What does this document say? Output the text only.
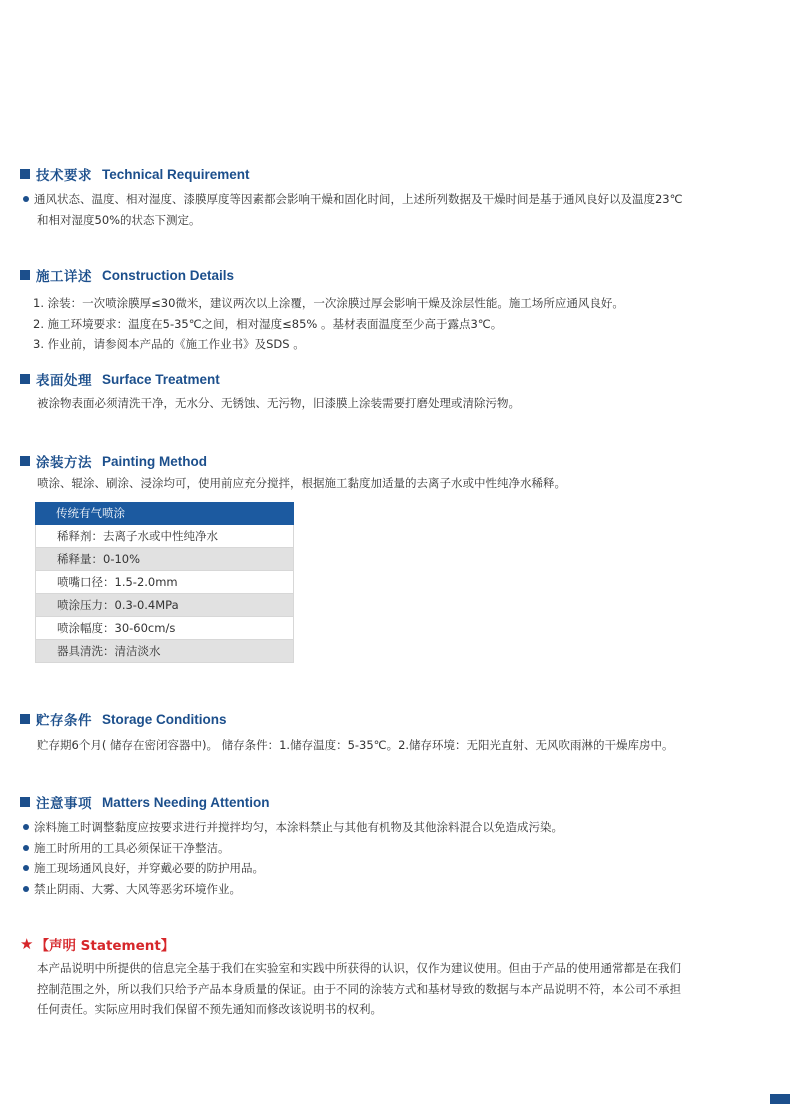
技术要求 Technical Requirement
通风状态、温度、相对湿度、漆膜厚度等因素都会影响干燥和固化时间，上述所列数据及干燥时间是基于通风良好以及温度23℃
和相对湿度50%的状态下测定。
施工详述 Construction Details
1. 涂装：一次喷涂膜厚≤30微米，建议两次以上涂覆，一次涂膜过厚会影响干燥及涂层性能。施工场所应通风良好。
2. 施工环境要求：温度在5-35℃之间，相对湿度≤85% 。基材表面温度至少高于露点3℃。
3. 作业前，请参阅本产品的《施工作业书》及SDS 。
表面处理 Surface Treatment
被涂物表面必须清洗干净，无水分、无锈蚀、无污物，旧漆膜上涂装需要打磨处理或清除污物。
涂装方法 Painting Method
喷涂、辊涂、刷涂、浸涂均可，使用前应充分搅拌，根据施工黏度加适量的去离子水或中性纯净水稀释。
传统有气喷涂
稀释剂：去离子水或中性纯净水
稀释量：0-10%
喷嘴口径：1.5-2.0mm
喷涂压力：0.3-0.4MPa
喷涂幅度：30-60cm/s
器具清洗：清洁淡水
贮存条件 Storage Conditions
贮存期6个月( 储存在密闭容器中)。 储存条件：1.储存温度：5-35℃。2.储存环境：无阳光直射、无风吹雨淋的干燥库房中。
注意事项 Matters Needing Attention
涂料施工时调整黏度应按要求进行并搅拌均匀，本涂料禁止与其他有机物及其他涂料混合以免造成污染。
施工时所用的工具必须保证干净整洁。
施工现场通风良好，并穿戴必要的防护用品。
禁止阴雨、大雾、大风等恶劣环境作业。
★ 【声明 Statement】
本产品说明中所提供的信息完全基于我们在实验室和实践中所获得的认识，仅作为建议使用。但由于产品的使用通常都是在我们
控制范围之外，所以我们只给予产品本身质量的保证。由于不同的涂装方式和基材导致的数据与本产品说明不符，本公司不承担
任何责任。实际应用时我们保留不预先通知而修改该说明书的权利。
